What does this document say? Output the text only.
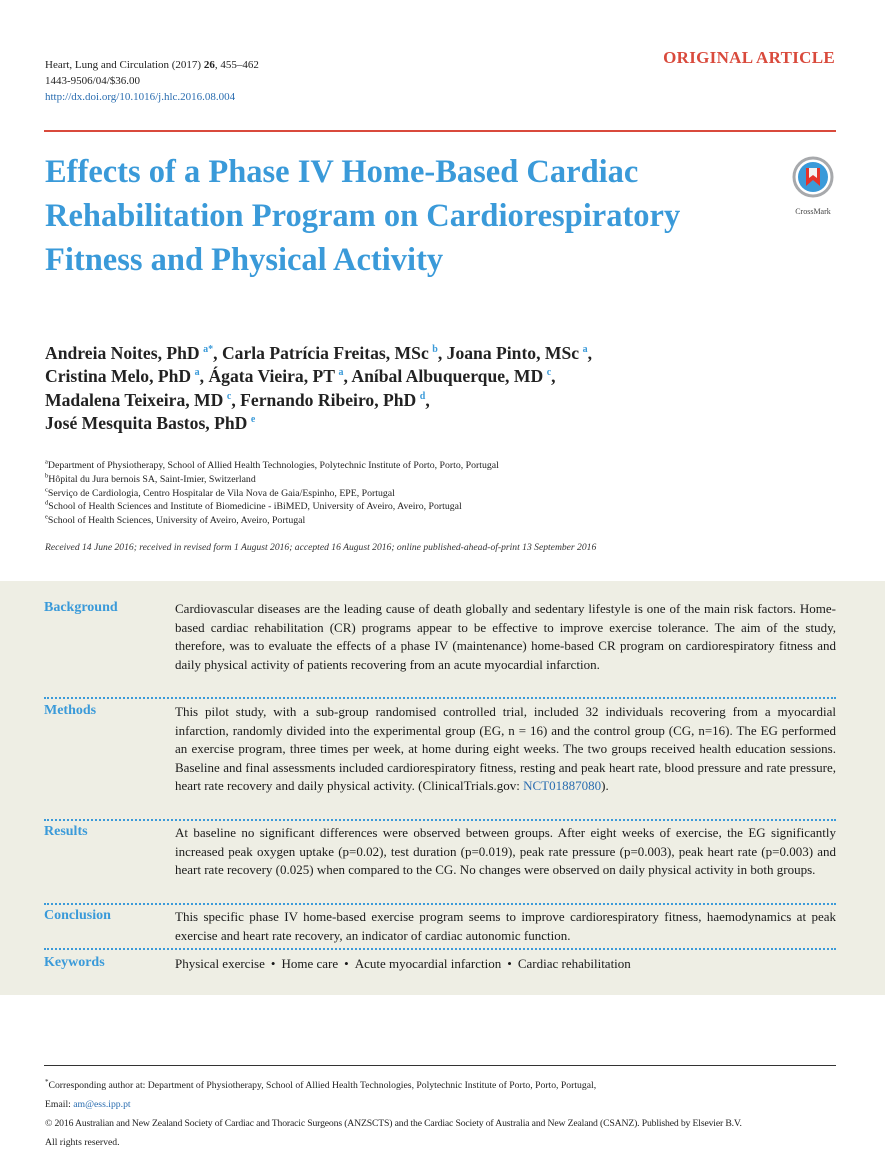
Heart, Lung and Circulation (2017) 26, 455–462
1443-9506/04/$36.00
http://dx.doi.org/10.1016/j.hlc.2016.08.004
ORIGINAL ARTICLE
Effects of a Phase IV Home-Based Cardiac Rehabilitation Program on Cardiorespiratory Fitness and Physical Activity
CrossMark
Andreia Noites, PhD  $^{a*}$, Carla Patrícia Freitas, MSc  $^b$, Joana Pinto, MSc  $^a$,
Cristina Melo, PhD  $^a$, Ágata Vieira, PT  $^a$, Aníbal Albuquerque, MD  $^c$,
Madalena Teixeira, MD  $^c$, Fernando Ribeiro, PhD  $^d$,
José Mesquita Bastos, PhD  $^e$
$^a$Department of Physiotherapy, School of Allied Health Technologies, Polytechnic Institute of Porto, Porto, Portugal
$^b$Hôpital du Jura bernois SA, Saint-Imier, Switzerland
$^c$Serviço de Cardiologia, Centro Hospitalar de Vila Nova de Gaia/Espinho, EPE, Portugal
$^d$School of Health Sciences and Institute of Biomedicine - iBiMED, University of Aveiro, Aveiro, Portugal
$^e$School of Health Sciences, University of Aveiro, Aveiro, Portugal
Received 14 June 2016; received in revised form 1 August 2016; accepted 16 August 2016; online published-ahead-of-print 13 September 2016
Background	Cardiovascular diseases are the leading cause of death globally and sedentary lifestyle is one of the main risk factors. Home-based cardiac rehabilitation (CR) programs appear to be effective to improve exercise tolerance. The aim of the study, therefore, was to evaluate the effects of a phase IV (maintenance) home-based CR program on cardiorespiratory fitness and daily physical activity of patients recovering from an acute myocardial infarction.
Methods	This pilot study, with a sub-group randomised controlled trial, included 32 individuals recovering from a myocardial infarction, randomly divided into the experimental group (EG, n = 16) and the control group (CG, n=16). The EG performed an exercise program, three times per week, at home during eight weeks. The two groups received health education sessions. Baseline and final assessments included cardiorespiratory fitness, resting and peak heart rate, blood pressure and rate pressure, heart rate recovery and daily physical activity. (ClinicalTrials.gov: NCT01887080).
Results	At baseline no significant differences were observed between groups. After eight weeks of exercise, the EG significantly increased peak oxygen uptake (p=0.02), test duration (p=0.019), peak rate pressure (p=0.003), peak heart rate (p=0.003) and heart rate recovery (0.025) when compared to the CG. No changes were observed on daily physical activity in both groups.
Conclusion	This specific phase IV home-based exercise program seems to improve cardiorespiratory fitness, haemodynamics at peak exercise and heart rate recovery, an indicator of cardiac autonomic function.
Keywords	Physical exercise • Home care • Acute myocardial infarction • Cardiac rehabilitation
*Corresponding author at: Department of Physiotherapy, School of Allied Health Technologies, Polytechnic Institute of Porto, Porto, Portugal,
Email: am@ess.ipp.pt
© 2016 Australian and New Zealand Society of Cardiac and Thoracic Surgeons (ANZSCTS) and the Cardiac Society of Australia and New Zealand (CSANZ). Published by Elsevier B.V.
All rights reserved.
